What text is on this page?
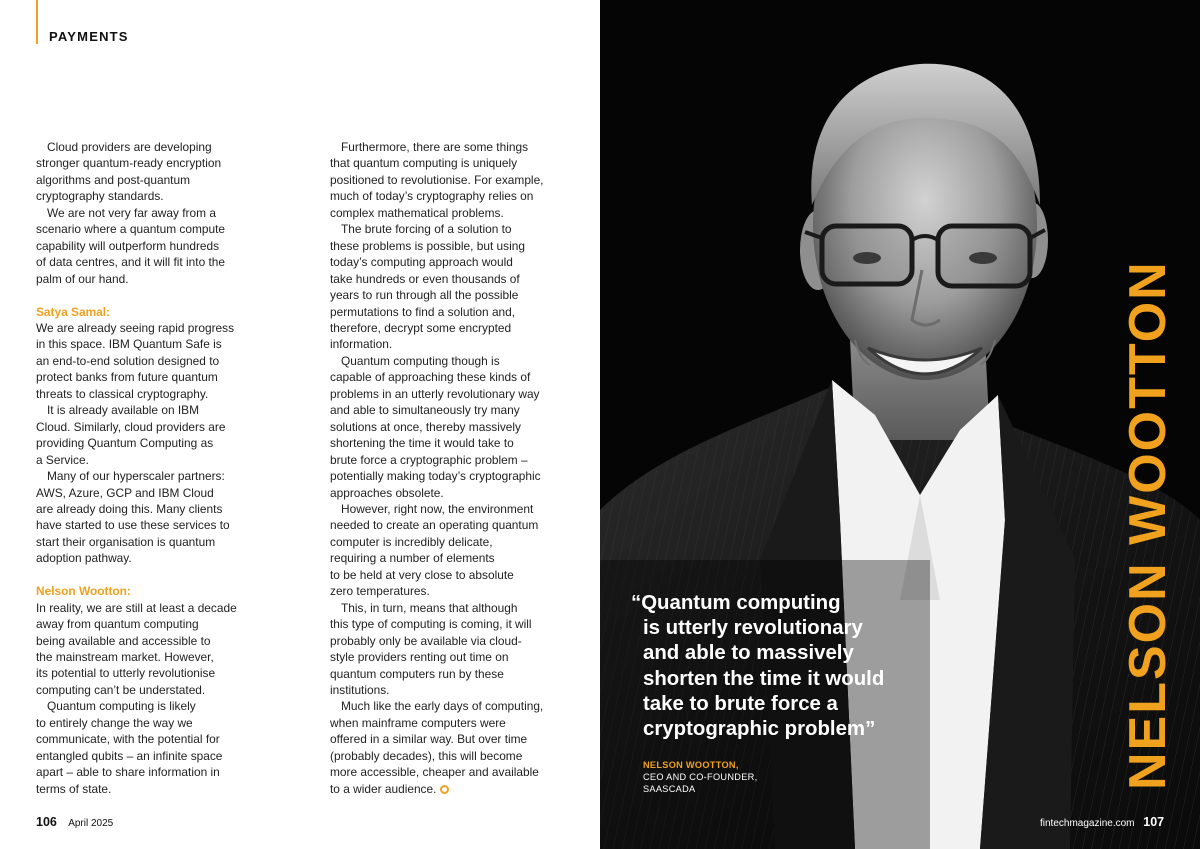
PAYMENTS

Cloud providers are developing

stronger quantum-ready encryption

algorithms and post-quantum

cryptography standards.

We are not very far away from a

scenario where a quantum compute

capability will outperform hundreds

of data centres, and it will fit into the

palm of our hand.

Satya Samal:

We are already seeing rapid progress

in this space. IBM Quantum Safe is

an end-to-end solution designed to

protect banks from future quantum

threats to classical cryptography.

It is already available on IBM

Cloud. Similarly, cloud providers are

providing Quantum Computing as

a Service.

Many of our hyperscaler partners:

AWS, Azure, GCP and IBM Cloud

are already doing this. Many clients

have started to use these services to

start their organisation is quantum

adoption pathway.

Nelson Wootton:

In reality, we are still at least a decade

away from quantum computing

being available and accessible to

the mainstream market. However,

its potential to utterly revolutionise

computing can’t be understated.

Quantum computing is likely

to entirely change the way we

communicate, with the potential for

entangled qubits – an infinite space

apart – able to share information in

terms of state.

Furthermore, there are some things

that quantum computing is uniquely

positioned to revolutionise. For example,

much of today’s cryptography relies on

complex mathematical problems.

The brute forcing of a solution to

these problems is possible, but using

today’s computing approach would

take hundreds or even thousands of

years to run through all the possible

permutations to find a solution and,

therefore, decrypt some encrypted

information.

Quantum computing though is

capable of approaching these kinds of

problems in an utterly revolutionary way

and able to simultaneously try many

solutions at once, thereby massively

shortening the time it would take to

brute force a cryptographic problem –

potentially making today’s cryptographic

approaches obsolete.

However, right now, the environment

needed to create an operating quantum

computer is incredibly delicate,

requiring a number of elements

to be held at very close to absolute

zero temperatures.

This, in turn, means that although

this type of computing is coming, it will

probably only be available via cloud-

style providers renting out time on

quantum computers run by these

institutions.

Much like the early days of computing,

when mainframe computers were

offered in a similar way. But over time

(probably decades), this will become

more accessible, cheaper and available

to a wider audience.

106 April 2025
NELSON WOOTTON

“Quantum computing

is utterly revolutionary

and able to massively

shorten the time it would

take to brute force a

cryptographic problem”

NELSON WOOTTON,
CEO AND CO-FOUNDER,
SAASCADA
fintechmagazine.com 107
